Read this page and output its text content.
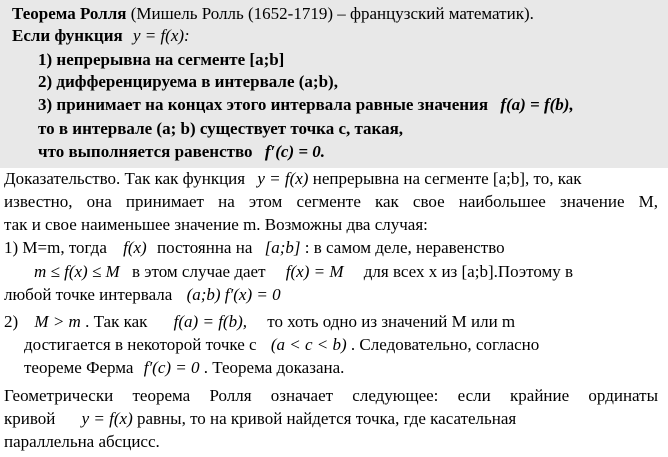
Теорема Ролля (Мишель Ролль (1652-1719) – французский математик).
Если функция y = f(x):
1) непрерывна на сегменте [a;b]
2) дифференцируема в интервале (a;b),
3) принимает на концах этого интервала равные значения f(a) = f(b),
то в интервале (a; b) существует точка c, такая,
что выполняется равенство f′(c) = 0.
Доказательство. Так как функция y = f(x) непрерывна на сегменте [a;b], то, как
известно, она принимает на этом сегменте как свое наибольшее значение M,
так и свое наименьшее значение m. Возможны два случая:
1) M=m, тогда f(x) постоянна на [a;b] : в самом деле, неравенство
m ≤ f(x) ≤ M в этом случае дает f(x) = M для всех x из [a;b].Поэтому в
любой точке интервала (a;b) f′(x) = 0
2) M > m . Так как f(a) = f(b), то хоть одно из значений M или m
достигается в некоторой точке c (a < c < b) . Следовательно, согласно
теореме Ферма f′(c) = 0 . Теорема доказана.
Геометрически теорема Ролля означает следующее: если крайние ординаты
кривой y = f(x) равны, то на кривой найдется точка, где касательная
параллельна абсцисс.
